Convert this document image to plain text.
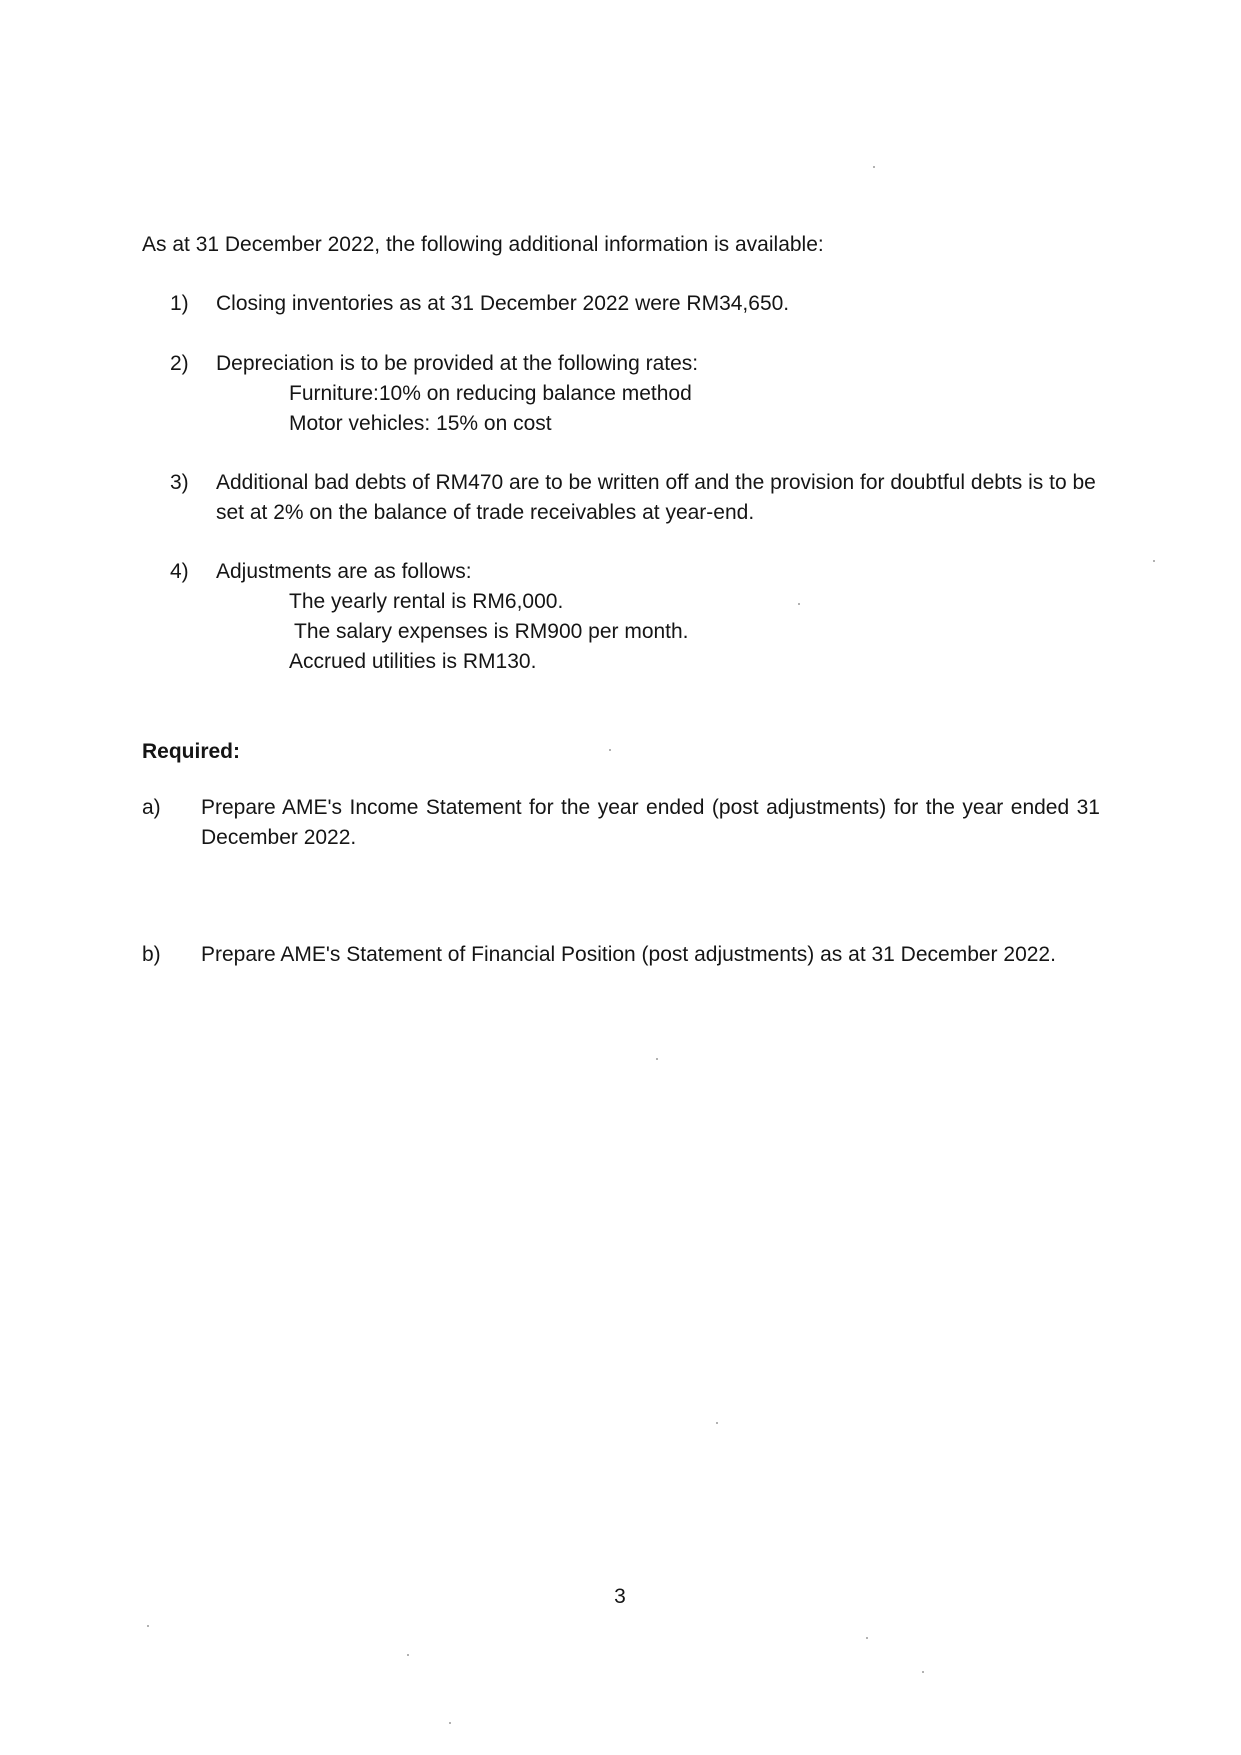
As at 31 December 2022, the following additional information is available:
1)	Closing inventories as at 31 December 2022 were RM34,650.
2)	Depreciation is to be provided at the following rates:
Furniture:10% on reducing balance method
Motor vehicles: 15% on cost
3)	Additional bad debts of RM470 are to be written off and the provision for doubtful debts is to be set at 2% on the balance of trade receivables at year-end.
4)	Adjustments are as follows:
The yearly rental is RM6,000.
The salary expenses is RM900 per month.
Accrued utilities is RM130.
Required:
a)	Prepare AME's Income Statement for the year ended (post adjustments) for the year ended 31 December 2022.
b)	Prepare AME's Statement of Financial Position (post adjustments) as at 31 December 2022.
3
